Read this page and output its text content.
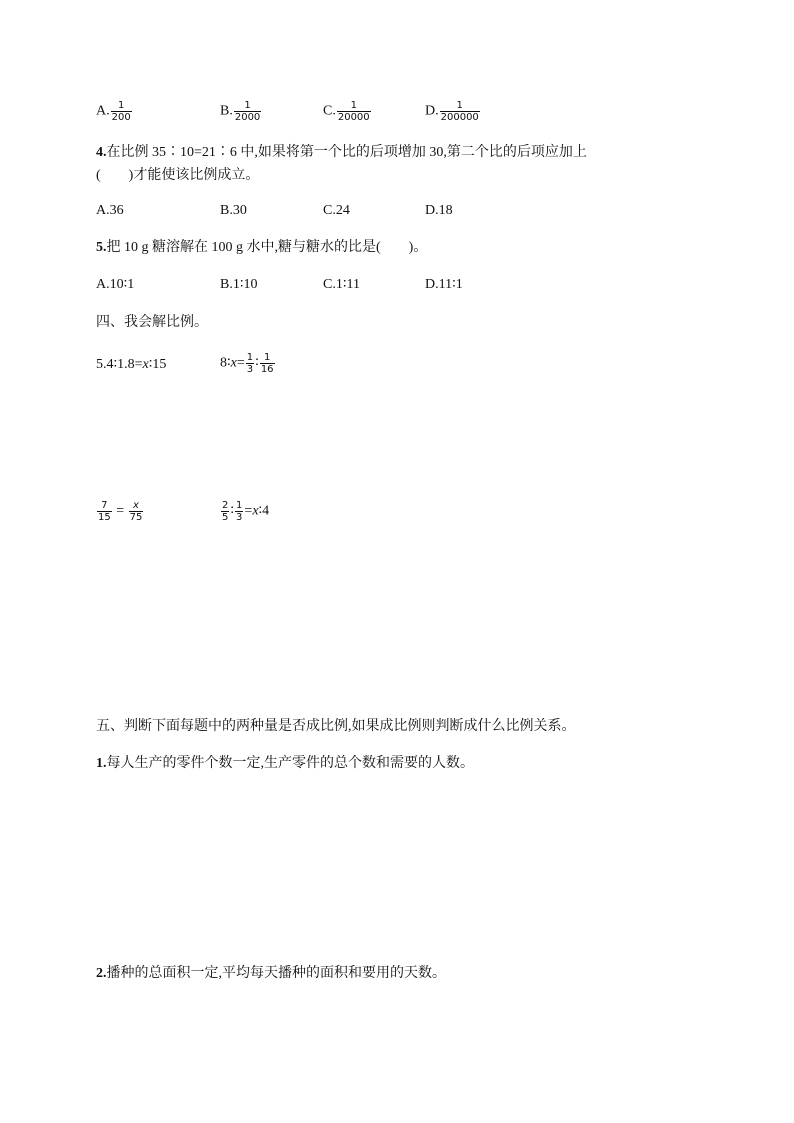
A. $\frac{1}{200}$	B. $\frac{1}{2000}$	C. $\frac{1}{20000}$	D. $\frac{1}{200000}$
4.在比例 35∶10=21∶6 中,如果将第一个比的后项增加 30,第二个比的后项应加上
(　　)才能使该比例成立。
A.36	B.30	C.24	D.18
5.把 10 g 糖溶解在 100 g 水中,糖与糖水的比是(　　)。
A.10∶1	B.1∶10	C.1∶11	D.11∶1
四、我会解比例。
5.4∶1.8=x∶15	8∶x= $\frac{1}{3}$ ∶ $\frac{1}{16}$
$\frac{7}{15} = \frac{x}{75}$	$\frac{2}{5}$ ∶ $\frac{1}{3}$ =x∶4
五、判断下面每题中的两种量是否成比例,如果成比例则判断成什么比例关系。
1.每人生产的零件个数一定,生产零件的总个数和需要的人数。
2.播种的总面积一定,平均每天播种的面积和要用的天数。
